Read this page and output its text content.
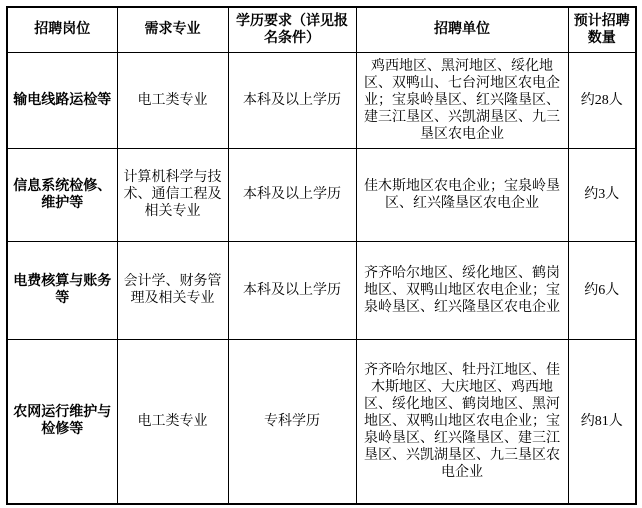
招聘岗位	需求专业	学历要求（详见报名条件）	招聘单位	预计招聘数量
输电线路运检等	电工类专业	本科及以上学历	鸡西地区、黑河地区、绥化地区、双鸭山、七台河地区农电企业；宝泉岭垦区、红兴隆垦区、建三江垦区、兴凯湖垦区、九三垦区农电企业	约28人
信息系统检修、维护等	计算机科学与技术、通信工程及相关专业	本科及以上学历	佳木斯地区农电企业；宝泉岭垦区、红兴隆垦区农电企业	约3人
电费核算与账务等	会计学、财务管理及相关专业	本科及以上学历	齐齐哈尔地区、绥化地区、鹤岗地区、双鸭山地区农电企业；宝泉岭垦区、红兴隆垦区农电企业	约6人
农网运行维护与检修等	电工类专业	专科学历	齐齐哈尔地区、牡丹江地区、佳木斯地区、大庆地区、鸡西地区、绥化地区、鹤岗地区、黑河地区、双鸭山地区农电企业；宝泉岭垦区、红兴隆垦区、建三江垦区、兴凯湖垦区、九三垦区农电企业	约81人
